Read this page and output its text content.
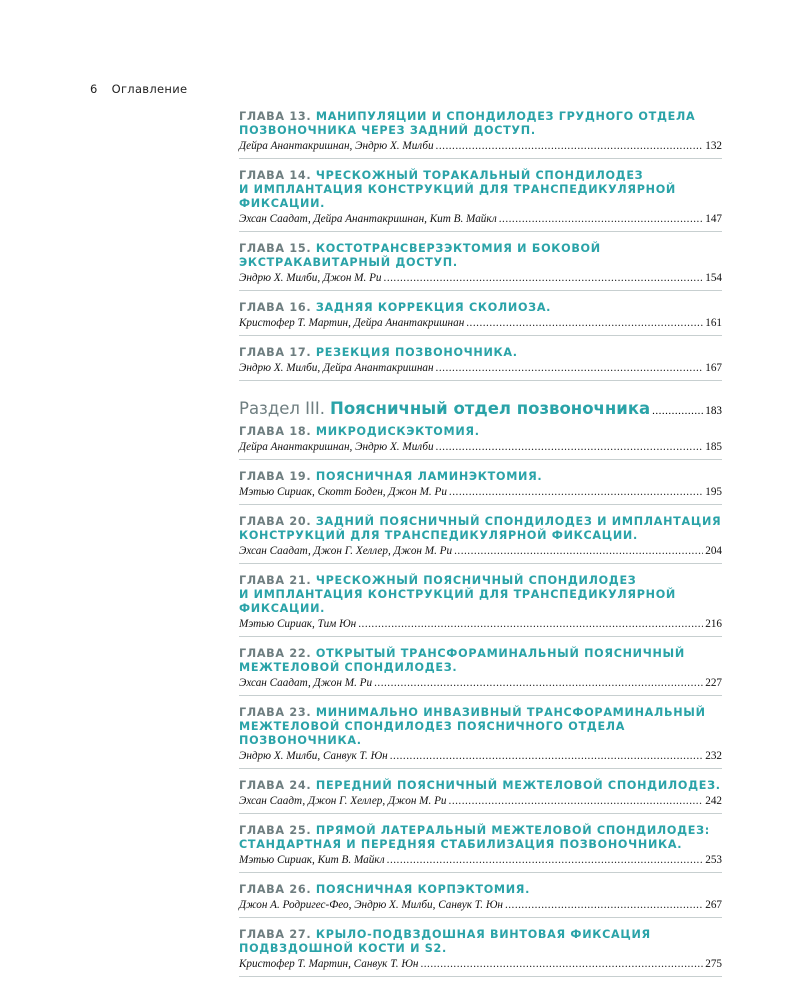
6 Оглавление
ГЛАВА 13. МАНИПУЛЯЦИИ И СПОНДИЛОДЕЗ ГРУДНОГО ОТДЕЛА
ПОЗВОНОЧНИКА ЧЕРЕЗ ЗАДНИЙ ДОСТУП.
Дейра Анантакришнан, Эндрю Х. Милби .....	132
ГЛАВА 14. ЧРЕСКОЖНЫЙ ТОРАКАЛЬНЫЙ СПОНДИЛОДЕЗ
И ИМПЛАНТАЦИЯ КОНСТРУКЦИЙ ДЛЯ ТРАНСПЕДИКУЛЯРНОЙ
ФИКСАЦИИ.
Эхсан Саадат, Дейра Анантакришнан, Кит В. Майкл .....	147
ГЛАВА 15. КОСТОТРАНСВЕРЗЭКТОМИЯ И БОКОВОЙ
ЭКСТРАКАВИТАРНЫЙ ДОСТУП.
Эндрю Х. Милби, Джон М. Ри .....	154
ГЛАВА 16. ЗАДНЯЯ КОРРЕКЦИЯ СКОЛИОЗА.
Кристофер Т. Мартин, Дейра Анантакришнан .....	161
ГЛАВА 17. РЕЗЕКЦИЯ ПОЗВОНОЧНИКА.
Эндрю Х. Милби, Дейра Анантакришнан .....	167
Раздел III. Поясничный отдел позвоночника .....	183
ГЛАВА 18. МИКРОДИСКЭКТОМИЯ.
Дейра Анантакришнан, Эндрю Х. Милби .....	185
ГЛАВА 19. ПОЯСНИЧНАЯ ЛАМИНЭКТОМИЯ.
Мэтью Сириак, Скотт Боден, Джон М. Ри .....	195
ГЛАВА 20. ЗАДНИЙ ПОЯСНИЧНЫЙ СПОНДИЛОДЕЗ И ИМПЛАНТАЦИЯ
КОНСТРУКЦИЙ ДЛЯ ТРАНСПЕДИКУЛЯРНОЙ ФИКСАЦИИ.
Эхсан Саадат, Джон Г. Хеллер, Джон М. Ри .....	204
ГЛАВА 21. ЧРЕСКОЖНЫЙ ПОЯСНИЧНЫЙ СПОНДИЛОДЕЗ
И ИМПЛАНТАЦИЯ КОНСТРУКЦИЙ ДЛЯ ТРАНСПЕДИКУЛЯРНОЙ
ФИКСАЦИИ.
Мэтью Сириак, Тим Юн .....	216
ГЛАВА 22. ОТКРЫТЫЙ ТРАНСФОРАМИНАЛЬНЫЙ ПОЯСНИЧНЫЙ
МЕЖТЕЛОВОЙ СПОНДИЛОДЕЗ.
Эхсан Саадат, Джон М. Ри .....	227
ГЛАВА 23. МИНИМАЛЬНО ИНВАЗИВНЫЙ ТРАНСФОРАМИНАЛЬНЫЙ
МЕЖТЕЛОВОЙ СПОНДИЛОДЕЗ ПОЯСНИЧНОГО ОТДЕЛА
ПОЗВОНОЧНИКА.
Эндрю Х. Милби, Санвук Т. Юн .....	232
ГЛАВА 24. ПЕРЕДНИЙ ПОЯСНИЧНЫЙ МЕЖТЕЛОВОЙ СПОНДИЛОДЕЗ.
Эхсан Саадт, Джон Г. Хеллер, Джон М. Ри .....	242
ГЛАВА 25. ПРЯМОЙ ЛАТЕРАЛЬНЫЙ МЕЖТЕЛОВОЙ СПОНДИЛОДЕЗ:
СТАНДАРТНАЯ И ПЕРЕДНЯЯ СТАБИЛИЗАЦИЯ ПОЗВОНОЧНИКА.
Мэтью Сириак, Кит В. Майкл .....	253
ГЛАВА 26. ПОЯСНИЧНАЯ КОРПЭКТОМИЯ.
Джон А. Родригес-Фео, Эндрю Х. Милби, Санвук Т. Юн .....	267
ГЛАВА 27. КРЫЛО-ПОДВЗДОШНАЯ ВИНТОВАЯ ФИКСАЦИЯ
ПОДВЗДОШНОЙ КОСТИ И S2.
Кристофер Т. Мартин, Санвук Т. Юн .....	275
